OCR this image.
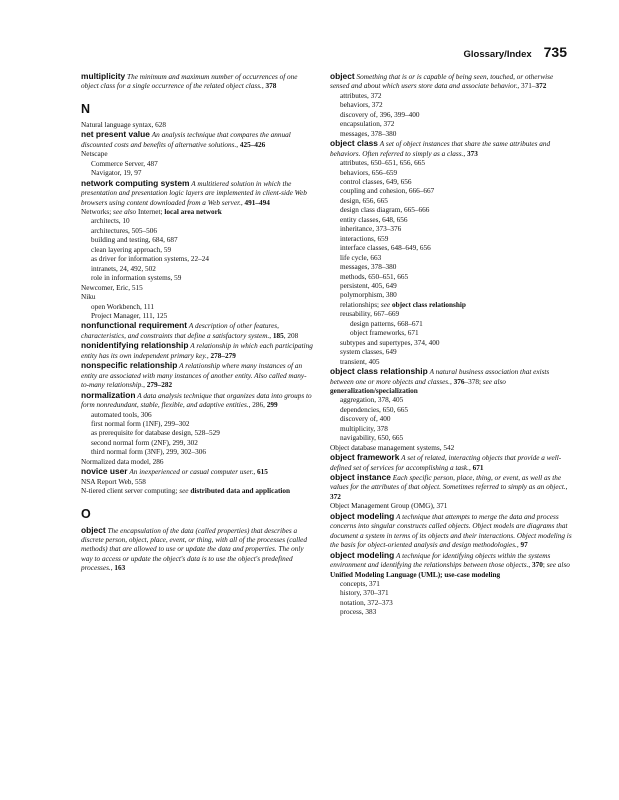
Glossary/Index 735

multiplicity The minimum and maximum number of occurrences of one object class for a single occurrence of the related object class., 378

N

Natural language syntax, 628

net present value An analysis technique that compares the annual discounted costs and benefits of alternative solutions., 425–426

Netscape

Commerce Server, 487

Navigator, 19, 97

network computing system A multitiered solution in which the presentation and presentation logic layers are implemented in client-side Web browsers using content downloaded from a Web server., 491–494

Networks; see also Internet; local area network

architects, 10

architectures, 505–506

building and testing, 684, 687

clean layering approach, 59

as driver for information systems, 22–24

intranets, 24, 492, 502

role in information systems, 59

Newcomer, Eric, 515

Niku

open Workbench, 111

Project Manager, 111, 125

nonfunctional requirement A description of other features, characteristics, and constraints that define a satisfactory system., 185, 208

nonidentifying relationship A relationship in which each participating entity has its own independent primary key., 278–279

nonspecific relationship A relationship where many instances of an entity are associated with many instances of another entity. Also called many-to-many relationship., 279–282

normalization A data analysis technique that organizes data into groups to form nonredundant, stable, flexible, and adaptive entities., 286, 299

automated tools, 306

first normal form (1NF), 299–302

as prerequisite for database design, 528–529

second normal form (2NF), 299, 302

third normal form (3NF), 299, 302–306

Normalized data model, 286

novice user An inexperienced or casual computer user., 615

NSA Report Web, 558

N-tiered client server computing; see distributed data and application

O

object The encapsulation of the data (called properties) that describes a discrete person, object, place, event, or thing, with all of the processes (called methods) that are allowed to use or update the data and properties. The only way to access or update the object's data is to use the object's predefined processes., 163

object Something that is or is capable of being seen, touched, or otherwise sensed and about which users store data and associate behavior., 371–372

attributes, 372

behaviors, 372

discovery of, 396, 399–400

encapsulation, 372

messages, 378–380

object class A set of object instances that share the same attributes and behaviors. Often referred to simply as a class., 373

attributes, 650–651, 656, 665

behaviors, 656–659

control classes, 649, 656

coupling and cohesion, 666–667

design, 656, 665

design class diagram, 665–666

entity classes, 648, 656

inheritance, 373–376

interactions, 659

interface classes, 648–649, 656

life cycle, 663

messages, 378–380

methods, 650–651, 665

persistent, 405, 649

polymorphism, 380

relationships; see object class relationship

reusability, 667–669

design patterns, 668–671

object frameworks, 671

subtypes and supertypes, 374, 400

system classes, 649

transient, 405

object class relationship A natural business association that exists between one or more objects and classes., 376–378; see also generalization/specialization

aggregation, 378, 405

dependencies, 650, 665

discovery of, 400

multiplicity, 378

navigability, 650, 665

Object database management systems, 542

object framework A set of related, interacting objects that provide a well-defined set of services for accomplishing a task., 671

object instance Each specific person, place, thing, or event, as well as the values for the attributes of that object. Sometimes referred to simply as an object., 372

Object Management Group (OMG), 371

object modeling A technique that attempts to merge the data and process concerns into singular constructs called objects. Object models are diagrams that document a system in terms of its objects and their interactions. Object modeling is the basis for object-oriented analysis and design methodologies., 97

object modeling A technique for identifying objects within the systems environment and identifying the relationships between those objects., 370; see also Unified Modeling Language (UML); use-case modeling

concepts, 371

history, 370–371

notation, 372–373

process, 383
